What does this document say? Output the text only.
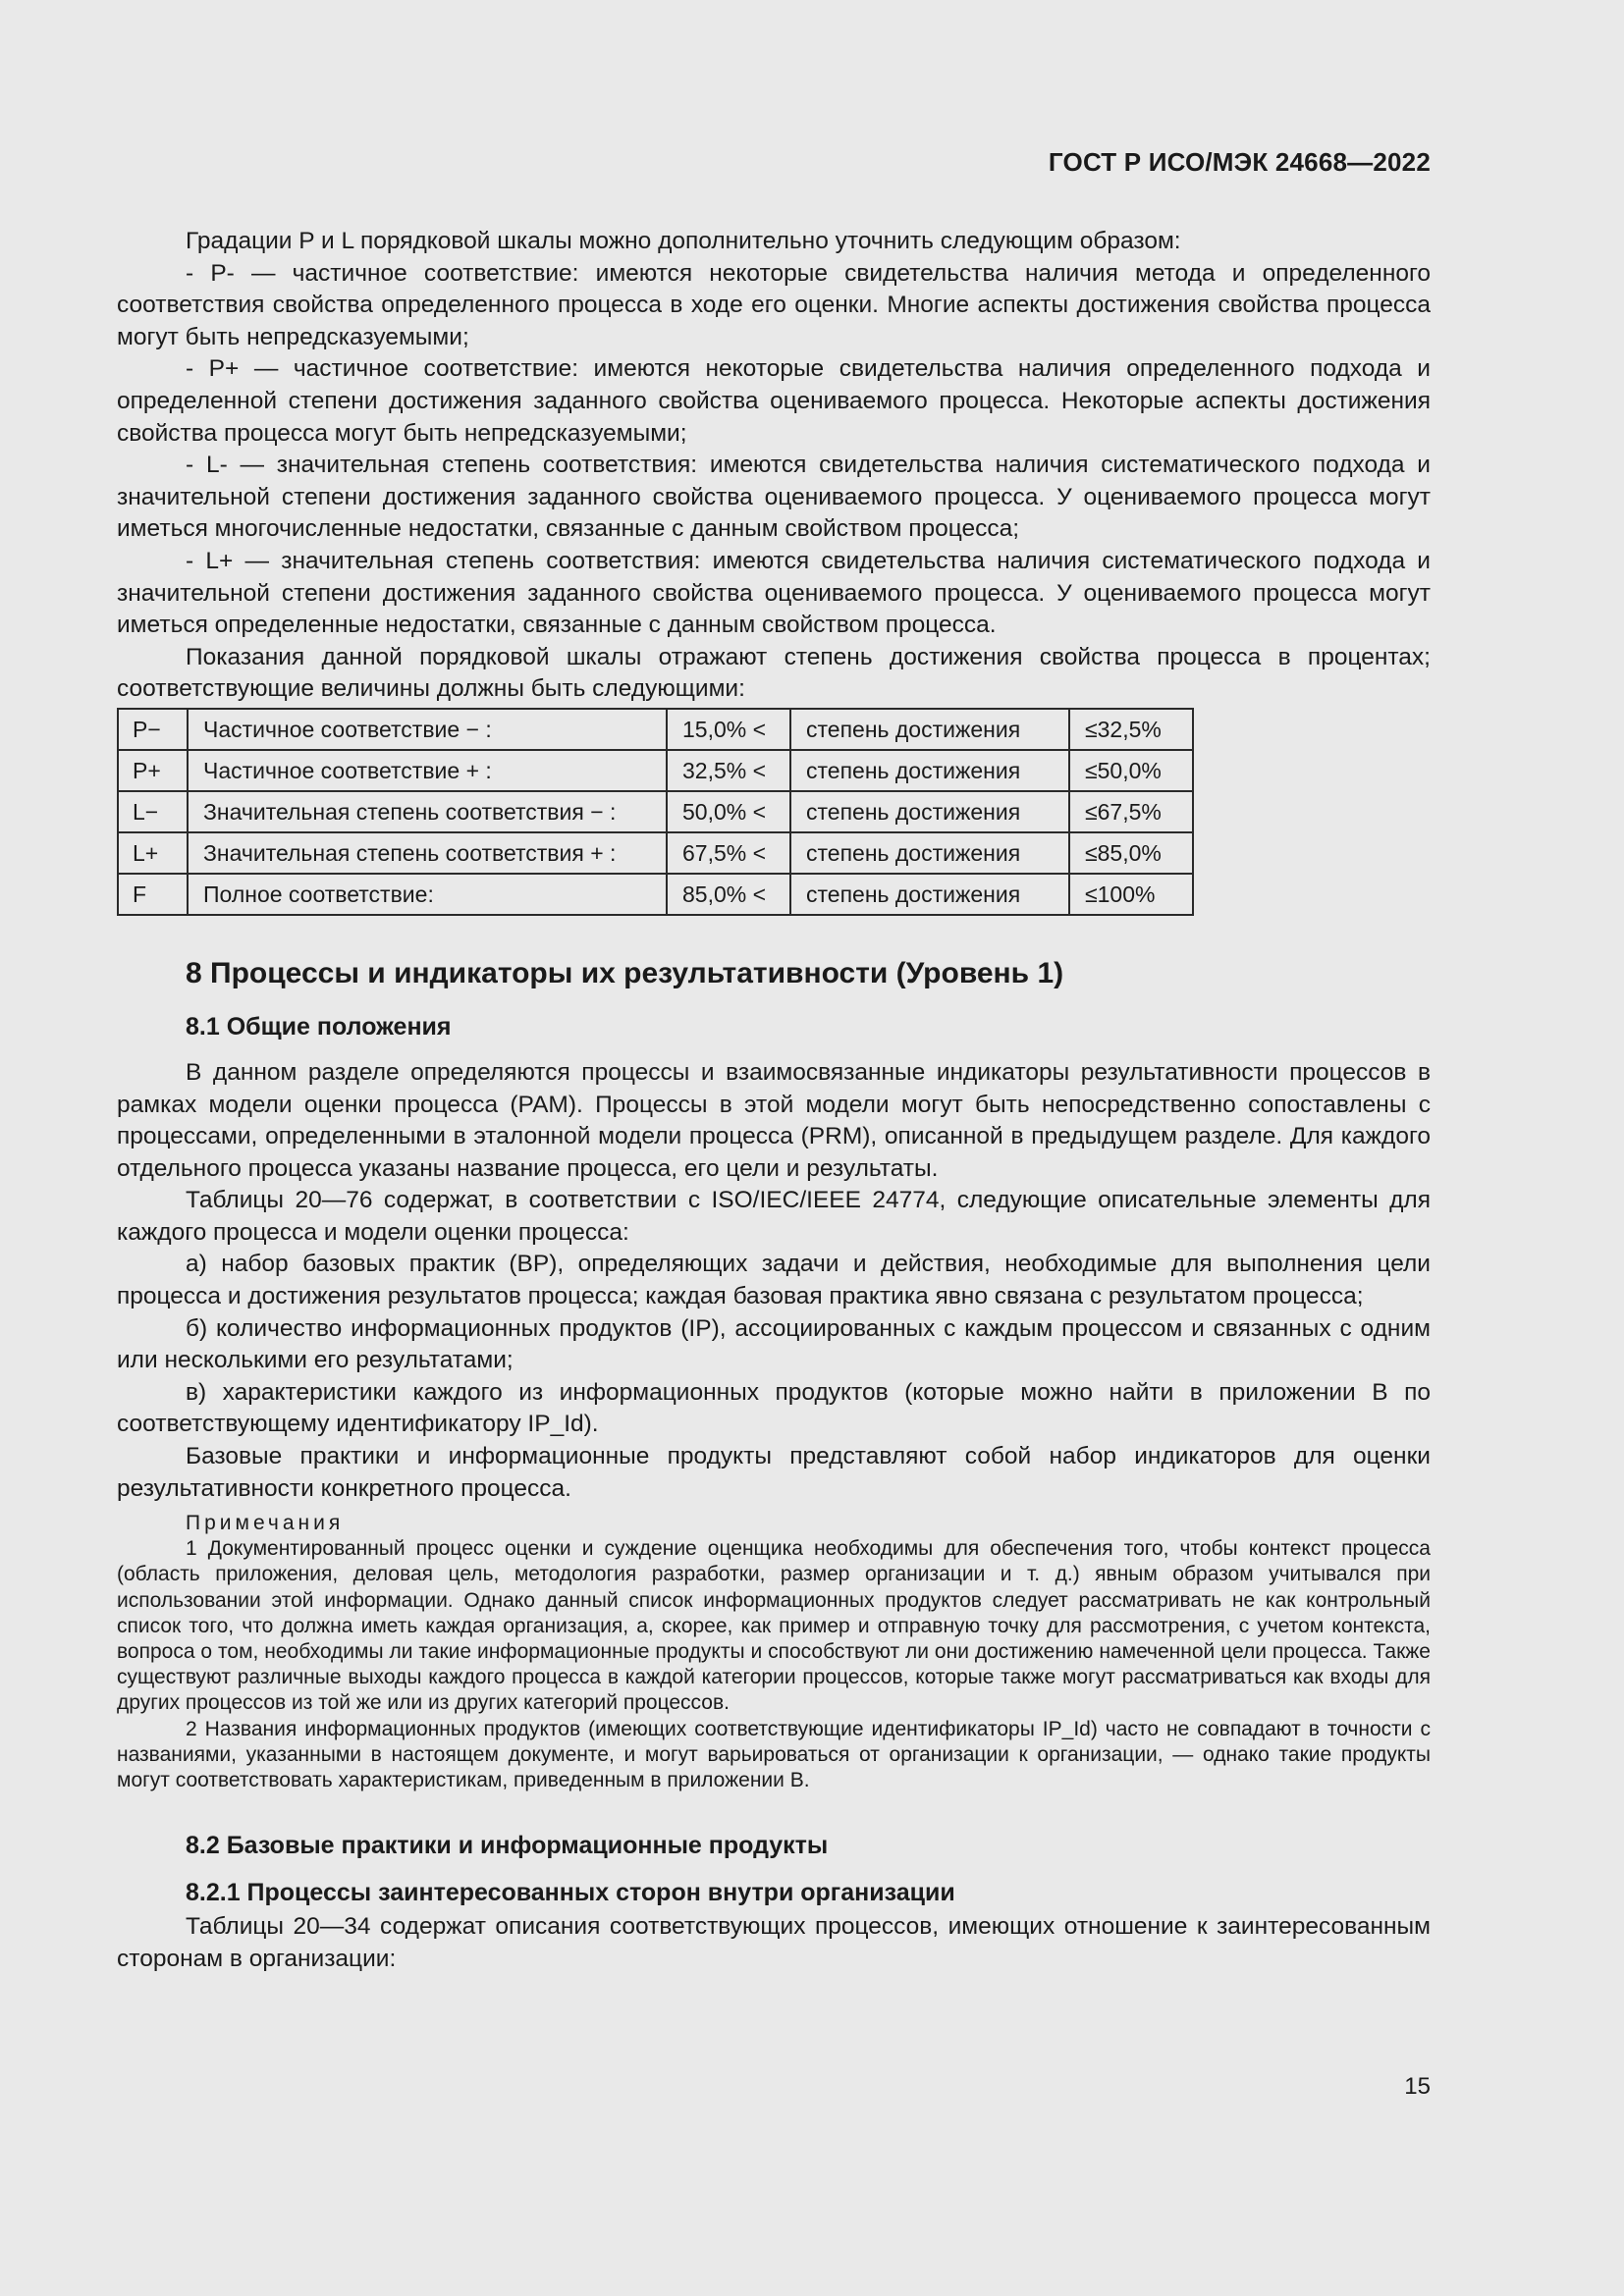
ГОСТ Р ИСО/МЭК 24668—2022

Градации P и L порядковой шкалы можно дополнительно уточнить следующим образом:

- P- — частичное соответствие: имеются некоторые свидетельства наличия метода и определенного соответствия свойства определенного процесса в ходе его оценки. Многие аспекты достижения свойства процесса могут быть непредсказуемыми;

- P+ — частичное соответствие: имеются некоторые свидетельства наличия определенного подхода и определенной степени достижения заданного свойства оцениваемого процесса. Некоторые аспекты достижения свойства процесса могут быть непредсказуемыми;

- L- — значительная степень соответствия: имеются свидетельства наличия систематического подхода и значительной степени достижения заданного свойства оцениваемого процесса. У оцениваемого процесса могут иметься многочисленные недостатки, связанные с данным свойством процесса;

- L+ — значительная степень соответствия: имеются свидетельства наличия систематического подхода и значительной степени достижения заданного свойства оцениваемого процесса. У оцениваемого процесса могут иметься определенные недостатки, связанные с данным свойством процесса.

Показания данной порядковой шкалы отражают степень достижения свойства процесса в процентах; соответствующие величины должны быть следующими:

P−	Частичное соответствие − :	15,0% <	степень достижения	≤32,5%
P+	Частичное соответствие + :	32,5% <	степень достижения	≤50,0%
L−	Значительная степень соответствия − :	50,0% <	степень достижения	≤67,5%
L+	Значительная степень соответствия + :	67,5% <	степень достижения	≤85,0%
F	Полное соответствие:	85,0% <	степень достижения	≤100%
8 Процессы и индикаторы их результативности (Уровень 1)
8.1 Общие положения

В данном разделе определяются процессы и взаимосвязанные индикаторы результативности процессов в рамках модели оценки процесса (PAM). Процессы в этой модели могут быть непосредственно сопоставлены с процессами, определенными в эталонной модели процесса (PRM), описанной в предыдущем разделе. Для каждого отдельного процесса указаны название процесса, его цели и результаты.

Таблицы 20—76 содержат, в соответствии с ISO/IEC/IEEE 24774, следующие описательные элементы для каждого процесса и модели оценки процесса:

а) набор базовых практик (BP), определяющих задачи и действия, необходимые для выполнения цели процесса и достижения результатов процесса; каждая базовая практика явно связана с результатом процесса;

б) количество информационных продуктов (IP), ассоциированных с каждым процессом и связанных с одним или несколькими его результатами;

в) характеристики каждого из информационных продуктов (которые можно найти в приложении B по соответствующему идентификатору IP_Id).

Базовые практики и информационные продукты представляют собой набор индикаторов для оценки результативности конкретного процесса.

Примечания

1 Документированный процесс оценки и суждение оценщика необходимы для обеспечения того, чтобы контекст процесса (область приложения, деловая цель, методология разработки, размер организации и т. д.) явным образом учитывался при использовании этой информации. Однако данный список информационных продуктов следует рассматривать не как контрольный список того, что должна иметь каждая организация, а, скорее, как пример и отправную точку для рассмотрения, с учетом контекста, вопроса о том, необходимы ли такие информационные продукты и способствуют ли они достижению намеченной цели процесса. Также существуют различные выходы каждого процесса в каждой категории процессов, которые также могут рассматриваться как входы для других процессов из той же или из других категорий процессов.

2 Названия информационных продуктов (имеющих соответствующие идентификаторы IP_Id) часто не совпадают в точности с названиями, указанными в настоящем документе, и могут варьироваться от организации к организации, — однако такие продукты могут соответствовать характеристикам, приведенным в приложении B.

8.2 Базовые практики и информационные продукты
8.2.1 Процессы заинтересованных сторон внутри организации

Таблицы 20—34 содержат описания соответствующих процессов, имеющих отношение к заинтересованным сторонам в организации:

15
